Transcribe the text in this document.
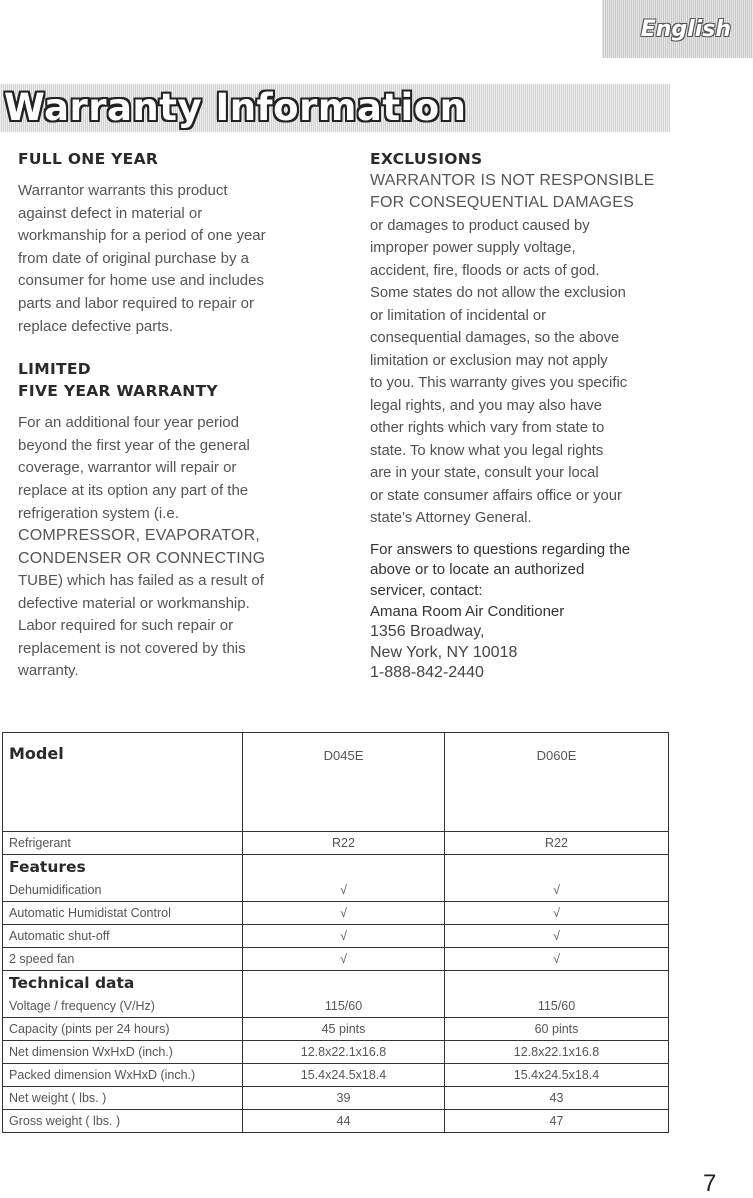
English
Warranty Information
FULL ONE YEAR

Warrantor warrants this product

against defect in material or

workmanship for a period of one year

from date of original purchase by a

consumer for home use and includes

parts and labor required to repair or

replace defective parts.

LIMITED
FIVE YEAR WARRANTY

For an additional four year period

beyond the first year of the general

coverage, warrantor will repair or

replace at its option any part of the

refrigeration system (i.e.

COMPRESSOR, EVAPORATOR,

CONDENSER OR CONNECTING

TUBE) which has failed as a result of

defective material or workmanship.

Labor required for such repair or

replacement is not covered by this

warranty.

EXCLUSIONS

WARRANTOR IS NOT RESPONSIBLE

FOR CONSEQUENTIAL DAMAGES

or damages to product caused by

improper power supply voltage,

accident, fire, floods or acts of god.

Some states do not allow the exclusion

or limitation of incidental or

consequential damages, so the above

limitation or exclusion may not apply

to you. This warranty gives you specific

legal rights, and you may also have

other rights which vary from state to

state. To know what you legal rights

are in your state, consult your local

or state consumer affairs office or your

state's Attorney General.

For answers to questions regarding the

above or to locate an authorized

servicer, contact:

Amana Room Air Conditioner

1356 Broadway,

New York, NY 10018

1-888-842-2440

Model	D045E	D060E
Refrigerant	R22	R22
Features		
Dehumidification	√	√
Automatic Humidistat Control	√	√
Automatic shut-off	√	√
2 speed fan	√	√
Technical data		
Voltage / frequency (V/Hz)	115/60	115/60
Capacity (pints per 24 hours)	45 pints	60 pints
Net dimension WxHxD (inch.)	12.8x22.1x16.8	12.8x22.1x16.8
Packed dimension WxHxD (inch.)	15.4x24.5x18.4	15.4x24.5x18.4
Net weight ( lbs. )	39	43
Gross weight ( lbs. )	44	47
7
